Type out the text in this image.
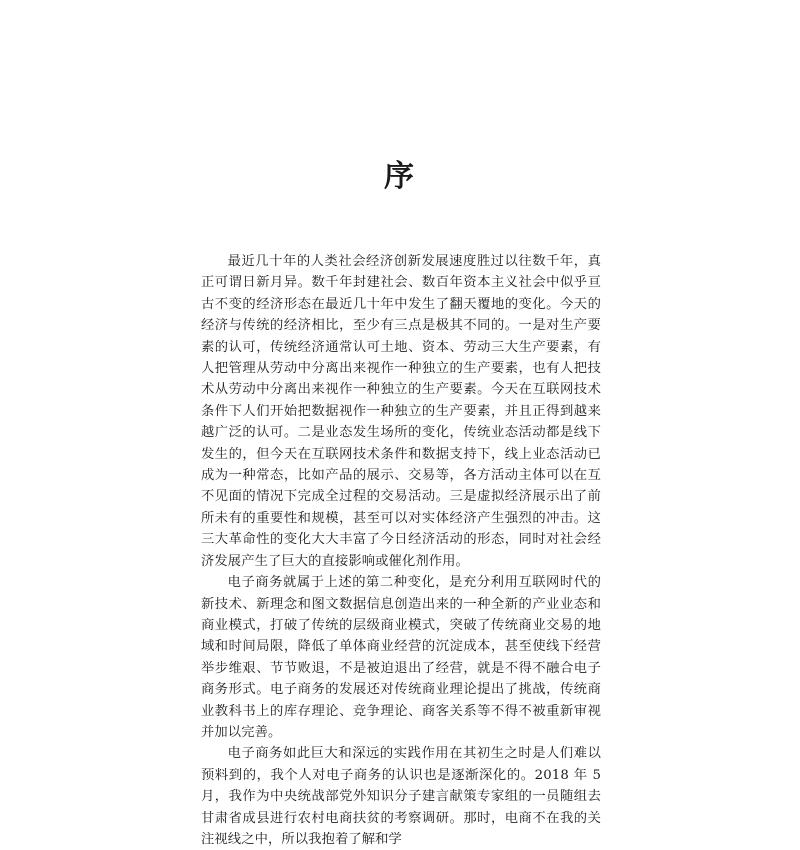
序

最近几十年的人类社会经济创新发展速度胜过以往数千年，真正可谓日新月异。数千年封建社会、数百年资本主义社会中似乎亘古不变的经济形态在最近几十年中发生了翻天覆地的变化。今天的经济与传统的经济相比，至少有三点是极其不同的。一是对生产要素的认可，传统经济通常认可土地、资本、劳动三大生产要素，有人把管理从劳动中分离出来视作一种独立的生产要素，也有人把技术从劳动中分离出来视作一种独立的生产要素。今天在互联网技术条件下人们开始把数据视作一种独立的生产要素，并且正得到越来越广泛的认可。二是业态发生场所的变化，传统业态活动都是线下发生的，但今天在互联网技术条件和数据支持下，线上业态活动已成为一种常态，比如产品的展示、交易等，各方活动主体可以在互不见面的情况下完成全过程的交易活动。三是虚拟经济展示出了前所未有的重要性和规模，甚至可以对实体经济产生强烈的冲击。这三大革命性的变化大大丰富了今日经济活动的形态，同时对社会经济发展产生了巨大的直接影响或催化剂作用。

电子商务就属于上述的第二种变化，是充分利用互联网时代的新技术、新理念和图文数据信息创造出来的一种全新的产业业态和商业模式，打破了传统的层级商业模式，突破了传统商业交易的地域和时间局限，降低了单体商业经营的沉淀成本，甚至使线下经营举步维艰、节节败退，不是被迫退出了经营，就是不得不融合电子商务形式。电子商务的发展还对传统商业理论提出了挑战，传统商业教科书上的库存理论、竞争理论、商客关系等不得不被重新审视并加以完善。

电子商务如此巨大和深远的实践作用在其初生之时是人们难以预料到的，我个人对电子商务的认识也是逐渐深化的。2018 年 5 月，我作为中央统战部党外知识分子建言献策专家组的一员随组去甘肃省成县进行农村电商扶贫的考察调研。那时，电商不在我的关注视线之中，所以我抱着了解和学
